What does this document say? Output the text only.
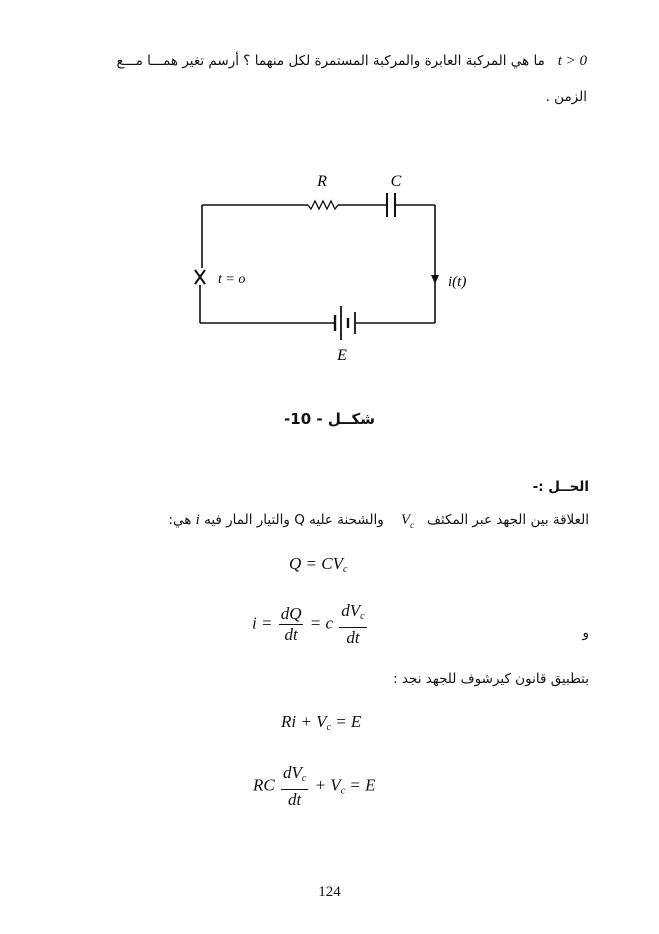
t > 0   ما هي المركبة العابرة والمركبة المستمرة لكل منهما ؟ أرسم تغير همـــا مـــع
الزمن .
R	C
t = o	i(t)
E
شكــل - 10-
الحــل :-
العلاقة بين الجهد عبر المكثف   $V_c$    والشحنة عليه Q والتيار المار فيه i هي:
$Q = CV_c$
$i = \frac{dQ}{dt} = c \frac{dV_c}{dt}$	و
بتطبيق قانون كيرشوف للجهد نجد :
$Ri + V_c = E$
RC $\frac{dV_c}{dt} + V_c = E$
124
